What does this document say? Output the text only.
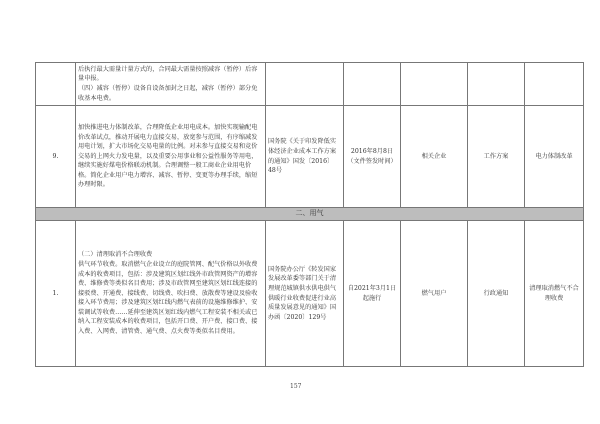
	后执行最大需量计量方式的，合同最大需量按照减容（暂停）后容量申报。
（四）减容（暂停）设备自设备加封之日起，减容（暂停）部分免收基本电费。					

9.	加快推进电力体制改革，合理降低企业用电成本。加快实现输配电价改革试点，推动开展电力直接交易，放宽参与范围，有序缩减发用电计划，扩大市场化交易电量的比例。对未参与直接交易和竞价交易的上网火力发电量，以及重要公用事业和公益性服务等用电，继续实施好煤电价格联动机制。合理调整一般工商业企业用电价格。简化企业用户电力增容、减容、暂停、变更等办理手续，缩短办理时限。	国务院《关于印发降低实体经济企业成本工作方案的通知》国发〔2016〕48号	2016年8月8日（文件签发时间）	相关企业	工作方案	电力体制改革
二、用气						
1.	（二）清理取消不合理收费
供气环节收费。取消燃气企业设立的庭院管网、配气价格以外收费成本的收费项目，包括：涉及建筑区划红线外市政管网资产的增容费、维修费等类似名目费用；涉及市政管网至建筑区划红线连接的接驳费、开通费、接线费、切线费、吹扫费、放散费等建设及验收接入环节费用；涉及建筑区划红线内燃气表前的设施维修维护、安装调试等收费……延伸至建筑区划红线内燃气工程安装不相关或已纳入工程安装成本的收费项目，包括开口费、开户费、接口费、接入费、入网费、清管费、通气费、点火费等类似名目费用。	国务院办公厅《转发国家发展改革委等部门关于清理规范城镇供水供电供气供暖行业收费促进行业高质量发展意见的通知》国办函〔2020〕129号	自2021年3月1日起施行	燃气用户	行政通知	清理取消燃气不合理收费
157
